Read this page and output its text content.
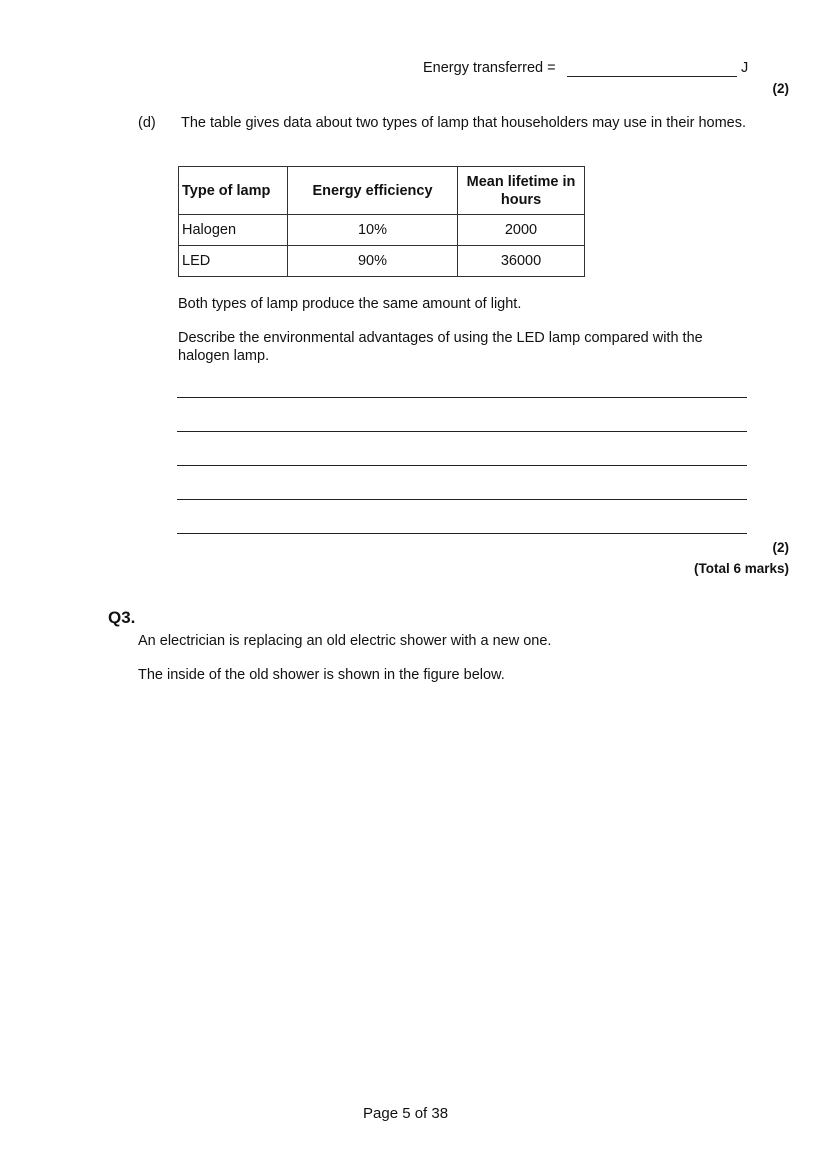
Energy transferred =	J
(2)
(d) The table gives data about two types of lamp that householders may use in their homes.
Type of lamp	Energy efficiency	Mean lifetime in hours
Halogen	10%	2000
LED	90%	36000
Both types of lamp produce the same amount of light.
Describe the environmental advantages of using the LED lamp compared with the halogen lamp.
(2)
(Total 6 marks)
Q3.
An electrician is replacing an old electric shower with a new one.
The inside of the old shower is shown in the figure below.
Page 5 of 38
